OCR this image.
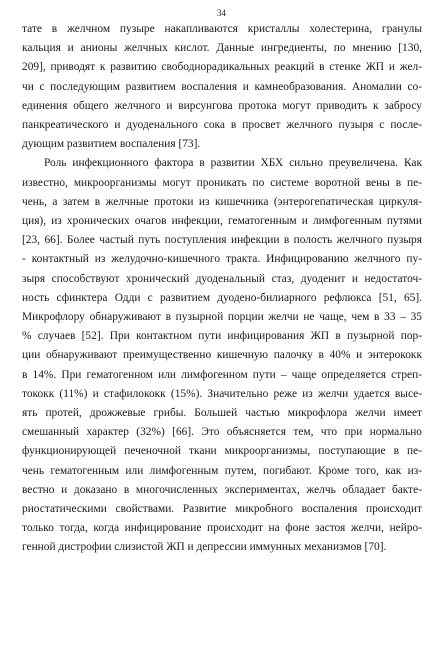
34
тате в желчном пузыре накапливаются кристаллы холестерина, гранулы
кальция и анионы желчных кислот. Данные ингредиенты, по мнению [130,
209], приводят к развитию свободнорадикальных реакций в стенке ЖП и жел-
чи с последующим развитием воспаления и камнеобразования. Аномалии со-
единения общего желчного и вирсунгова протока могут приводить к забросу
панкреатического и дуоденального сока в просвет желчного пузыря с после-
дующим развитием воспаления [73].
Роль инфекционного фактора в развитии ХБХ сильно преувеличена. Как
известно, микроорганизмы могут проникать по системе воротной вены в пе-
чень, а затем в желчные протоки из кишечника (энтерогепатическая циркуля-
ция), из хронических очагов инфекции, гематогенным и лимфогенным путями
[23, 66]. Более частый путь поступления инфекции в полость желчного пузыря
- контактный из желудочно-кишечного тракта. Инфицированию желчного пу-
зыря способствуют хронический дуоденальный стаз, дуоденит и недостаточ-
ность сфинктера Одди с развитием дуодено-билиарного рефлюкса [51, 65].
Микрофлору обнаруживают в пузырной порции желчи не чаще, чем в 33 – 35
% случаев [52]. При контактном пути инфицирования ЖП в пузырной пор-
ции обнаруживают преимущественно кишечную палочку в 40% и энтерококк
в 14%. При гематогенном или лимфогенном пути – чаще определяется стреп-
тококк (11%) и стафилококк (15%). Значительно реже из желчи удается высе-
ять протей, дрожжевые грибы. Большей частью микрофлора желчи имеет
смешанный характер (32%) [66]. Это объясняется тем, что при нормально
функционирующей печеночной ткани микроорганизмы, поступающие в пе-
чень гематогенным или лимфогенным путем, погибают. Кроме того, как из-
вестно и доказано в многочисленных экспериментах, желчь обладает бакте-
риостатическими свойствами. Развитие микробного воспаления происходит
только тогда, когда инфицирование происходит на фоне застоя желчи, нейро-
генной дистрофии слизистой ЖП и депрессии иммунных механизмов [70].
